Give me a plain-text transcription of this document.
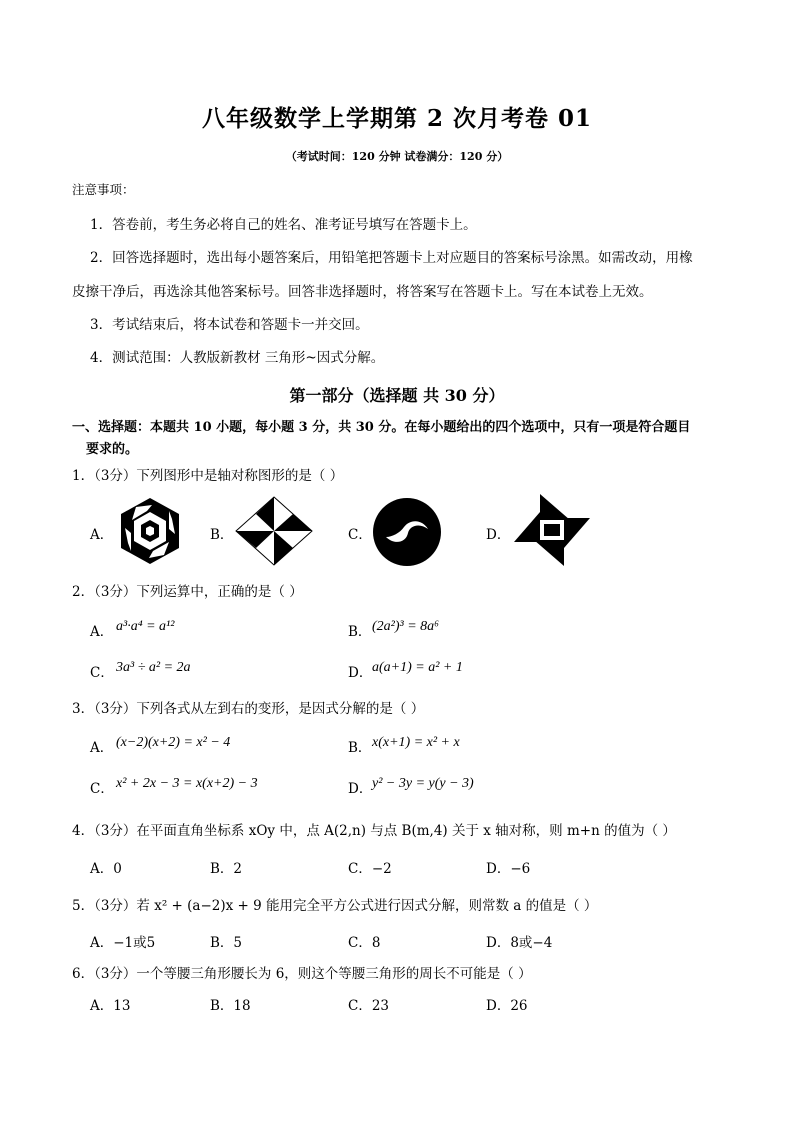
八年级数学上学期第 2 次月考卷 01
（考试时间：120 分钟 试卷满分：120 分）
注意事项：
1．答卷前，考生务必将自己的姓名、准考证号填写在答题卡上。
2．回答选择题时，选出每小题答案后，用铅笔把答题卡上对应题目的答案标号涂黑。如需改动，用橡
皮擦干净后，再选涂其他答案标号。回答非选择题时，将答案写在答题卡上。写在本试卷上无效。
3．考试结束后，将本试卷和答题卡一并交回。
4．测试范围：人教版新教材 三角形~因式分解。
第一部分（选择题 共 30 分）
一、选择题：本题共 10 小题，每小题 3 分，共 30 分。在每小题给出的四个选项中，只有一项是符合题目
要求的。
1．（3分）下列图形中是轴对称图形的是（ ）
A．	B．	C．	D．
2．（3分）下列运算中，正确的是（ ）
A． a³·a⁴ = a¹²	B． (2a²)³ = 8a⁶
C． 3a³ ÷ a² = 2a	D． a(a+1) = a² + 1
3．（3分）下列各式从左到右的变形，是因式分解的是（ ）
A． (x−2)(x+2) = x² − 4	B． x(x+1) = x² + x
C． x² + 2x − 3 = x(x+2) − 3	D． y² − 3y = y(y − 3)
4．（3分）在平面直角坐标系 xOy 中，点 A(2,n) 与点 B(m,4) 关于 x 轴对称，则 m+n 的值为（ ）
A．0	B．2	C．−2	D．−6
5．（3分）若 x² + (a−2)x + 9 能用完全平方公式进行因式分解，则常数 a 的值是（ ）
A．−1或5	B．5	C．8	D．8或−4
6．（3分）一个等腰三角形腰长为 6，则这个等腰三角形的周长不可能是（ ）
A．13	B．18	C．23	D．26
